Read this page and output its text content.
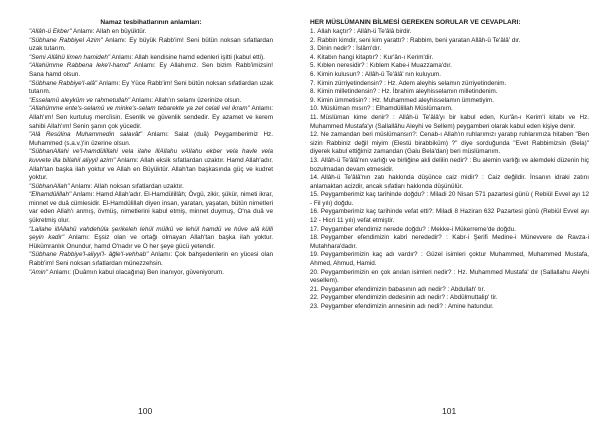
Namaz tesbihatlarının anlamları:

"Allâh-ü Ekber" Anlamı: Allah en büyüktür.

"Sübhane Rabbiyel Azim" Anlamı: Ey büyük Rabb'im! Seni bütün noksan sıfatlardan uzak tutarım.

"Semi Allâhü limen hamideh" Anlamı: Allah kendisine hamd edenleri işitti (kabul etti).

"Allahümme Rabbena leke'l-hamd" Anlamı: Ey Allahımız. Sen bizim Rabb'imizsin! Sana hamd olsun.

"Sübhane Rabbiye'l-alâ" Anlamı: Ey Yüce Rabb'im! Seni bütün noksan sıfatlardan uzak tutarım.

"Esselamü aleyküm ve rahmetullah" Anlamı: Allah'ın selamı üzerinize olsun.

"Allahümme ente's-selamü ve minke's-selam tebarekte ya zel celali vel ikram" Anlamı: Allah'ım! Sen kurtuluş mercîisin. Esenlik ve güvenlik sendedir. Ey azamet ve kerem sahibi Allah'ım! Senin şanın çok yücedir.

"Alâ Resûlina Muhammedin salavât" Anlamı: Salat (duâ) Peygamberimiz Hz. Muhammed (s.a.v.)'in üzerine olsun.

"SübhanAllahi ve'l-hamdülillahi vela ilahe illAllahu vAllahu ekber vela havle vela kuvvete illa billahil aliyyil azim" Anlamı: Allah eksik sıfatlardan uzaktır. Hamd Allah'adır. Allah'tan başka ilah yoktur ve Allah en Büyüktür. Allah'tan başkasında güç ve kudret yoktur.

"SübhanAllah" Anlamı: Allah noksan sıfatlardan uzaktır.

"Elhamdülillah" Anlamı: Hamd Allah'adır. El-Hamdülillâh; Övgü, zikir, şükür, nimeti ikrar, minnet ve duâ cümlesidir. El-Hamdülillah diyen insan, yaratan, yaşatan, bütün nimetleri var eden Allah'ı anmış, övmüş, nimetlerini kabul etmiş, minnet duymuş, O'na duâ ve şükretmiş olur.

"Lailahe illAllahü vahdehûla şerikeleh lehül mülkü ve lehül hamdü ve hüve alâ külli şeyin kadir" Anlamı: Eşsiz olan ve ortağı olmayan Allah'tan başka ilah yoktur. Hükümranlık Onundur, hamd O'nadır ve O her şeye gücü yetendir.

"Sübhane Rabbiye'l-aliyyi'l- âğle'l-vehhab" Anlamı: Çok bahşedenlerin en yücesi olan Rabb'im! Seni noksan sıfatlardan münezzehsin.

"Amin" Anlamı: (Duâmın kabul olacağına) Ben inanıyor, güveniyorum.

100
HER MÜSLÜMANIN BİLMESİ GEREKEN SORULAR VE CEVAPLARI:

1. Allah kaçtır? : Allâh-ü Te'âlâ birdir.

2. Rabbin kimdir, seni kim yarattı? : Rabbim, beni yaratan Allâh-ü Te'âlâ' dır.

3. Dinin nedir? : İslâm'dır.

4. Kitabın hangi kitaptır? : Kur'ân-ı Kerim'dir.

5. Kıblen neresidir? : Kıblem Kabe-i Muazzama'dır.

6. Kimin kulusun? : Allâh-ü Te'âlâ' nın kuluyum.

7. Kimin zürriyetindensin? : Hz. Adem aleyhis selamın zürriyetindenim.

8. Kimin milletindensin? : Hz. İbrahim aleyhisselamın milletindenim.

9. Kimin ümmetisin? : Hz. Muhammed aleyhisselamın ümmetiyim.

10. Müslüman mısın? : Elhamdülillah Müslümanım.

11. Müslüman kime denir? : Allâh-ü Te'âlâ'yı bir kabul eden, Kur'ân-ı Kerim'i kitabı ve Hz. Muhammed Mustafa'yı (Sallallâhu Aleyhi ve Sellem) peygamberi olarak kabul eden kişiye denir.

12. Ne zamandan beri müslümansın?: Cenab-ı Allah'ın ruhlarımızı yaratıp ruhlarımıza hitaben "Ben sizin Rabbiniz değil miyim (Elestü birabbiküm) ?" diye sorduğunda "Evet Rabbimizsin (Bela)" diyerek kabul ettiğimiz zamandan (Galu Bela'dan) beri müslümanım.

13. Allâh-ü Te'âlâ'nın varlığı ve birliğine akli delilin nedir? : Bu alemin varlığı ve alemdeki düzenin hiç bozulmadan devam etmesidir.

14. Allâh-ü Te'âlâ'nın zatı hakkında düşünce caiz midir? : Caiz değildir. İnsanın idraki zatını anlamaktan acizdir, ancak sıfatları hakkında düşünülür.

15. Peygamberimiz kaç tarihinde doğdu? : Miladi 20 Nisan 571 pazartesi günü ( Rebiül Evvel ayı 12 - Fil yılı) doğdu.

16. Peygamberimiz kaç tarihinde vefat etti?: Miladi 8 Haziran 632 Pazartesi günü (Rebiül Evvel ayı 12 - Hicri 11 yılı) vefat etmiştir.

17. Peygamber efendimiz nerede doğdu? : Mekke-i Mükerreme'de doğdu.

18. Peygamber efendimizin kabri nerededir? : Kabr-i Şerifi Medine-i Münevvere de Ravza-i Mutahhara'dadır.

19. Peygamberimizin kaç adı vardır? : Güzel isimleri çoktur Muhammed, Muhammed Mustafa, Ahmed, Ahmud, Hamid.

20. Peygamberimizin en çok anılan isimleri nedir? : Hz. Muhammed Mustafa' dır (Sallallahu Aleyhi vesellem).

21. Peygamber efendimizin babasının adı nedir? : Abdullah' tır.

22. Peygamber efendimizin dedesinin adı nedir? : Abdülmuttalip' tir.

23. Peygamber efendimizin annesinin adı nedi? : Amine hatundur.

101
